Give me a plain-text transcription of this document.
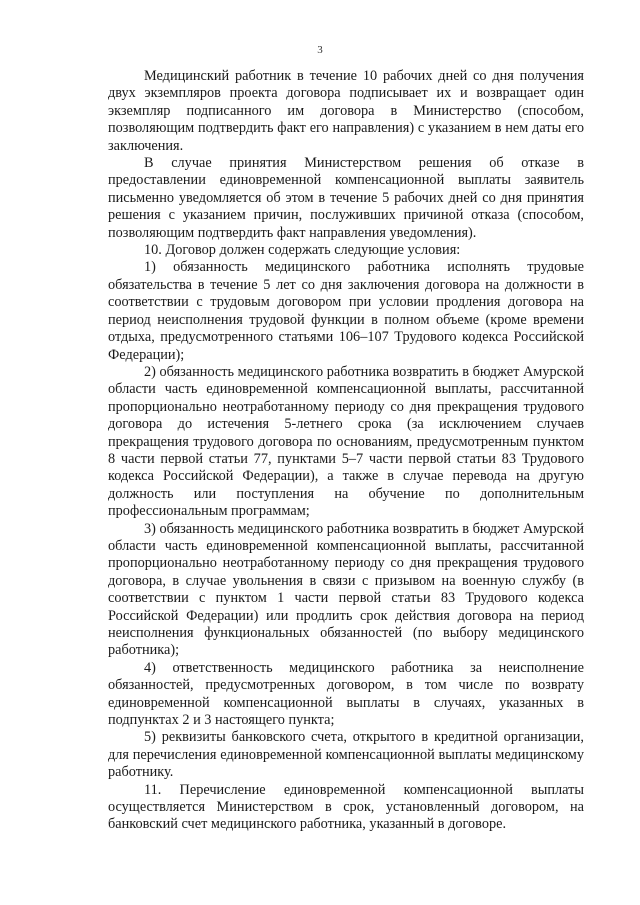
3

Медицинский работник в течение 10 рабочих дней со дня получения двух экземпляров проекта договора подписывает их и возвращает один экземпляр подписанного им договора в Министерство (способом, позволяющим подтвердить факт его направления) с указанием в нем даты его заключения.

В случае принятия Министерством решения об отказе в предоставлении единовременной компенсационной выплаты заявитель письменно уведомляется об этом в течение 5 рабочих дней со дня принятия решения с указанием причин, послуживших причиной отказа (способом, позволяющим подтвердить факт направления уведомления).

10. Договор должен содержать следующие условия:

1) обязанность медицинского работника исполнять трудовые обязательства в течение 5 лет со дня заключения договора на должности в соответствии с трудовым договором при условии продления договора на период неисполнения трудовой функции в полном объеме (кроме времени отдыха, предусмотренного статьями 106–107 Трудового кодекса Российской Федерации);

2) обязанность медицинского работника возвратить в бюджет Амурской области часть единовременной компенсационной выплаты, рассчитанной пропорционально неотработанному периоду со дня прекращения трудового договора до истечения 5-летнего срока (за исключением случаев прекращения трудового договора по основаниям, предусмотренным пунктом 8 части первой статьи 77, пунктами 5–7 части первой статьи 83 Трудового кодекса Российской Федерации), а также в случае перевода на другую должность или поступления на обучение по дополнительным профессиональным программам;

3) обязанность медицинского работника возвратить в бюджет Амурской области часть единовременной компенсационной выплаты, рассчитанной пропорционально неотработанному периоду со дня прекращения трудового договора, в случае увольнения в связи с призывом на военную службу (в соответствии с пунктом 1 части первой статьи 83 Трудового кодекса Российской Федерации) или продлить срок действия договора на период неисполнения функциональных обязанностей (по выбору медицинского работника);

4) ответственность медицинского работника за неисполнение обязанностей, предусмотренных договором, в том числе по возврату единовременной компенсационной выплаты в случаях, указанных в подпунктах 2 и 3 настоящего пункта;

5) реквизиты банковского счета, открытого в кредитной организации, для перечисления единовременной компенсационной выплаты медицинскому работнику.

11. Перечисление единовременной компенсационной выплаты осуществляется Министерством в срок, установленный договором, на банковский счет медицинского работника, указанный в договоре.
